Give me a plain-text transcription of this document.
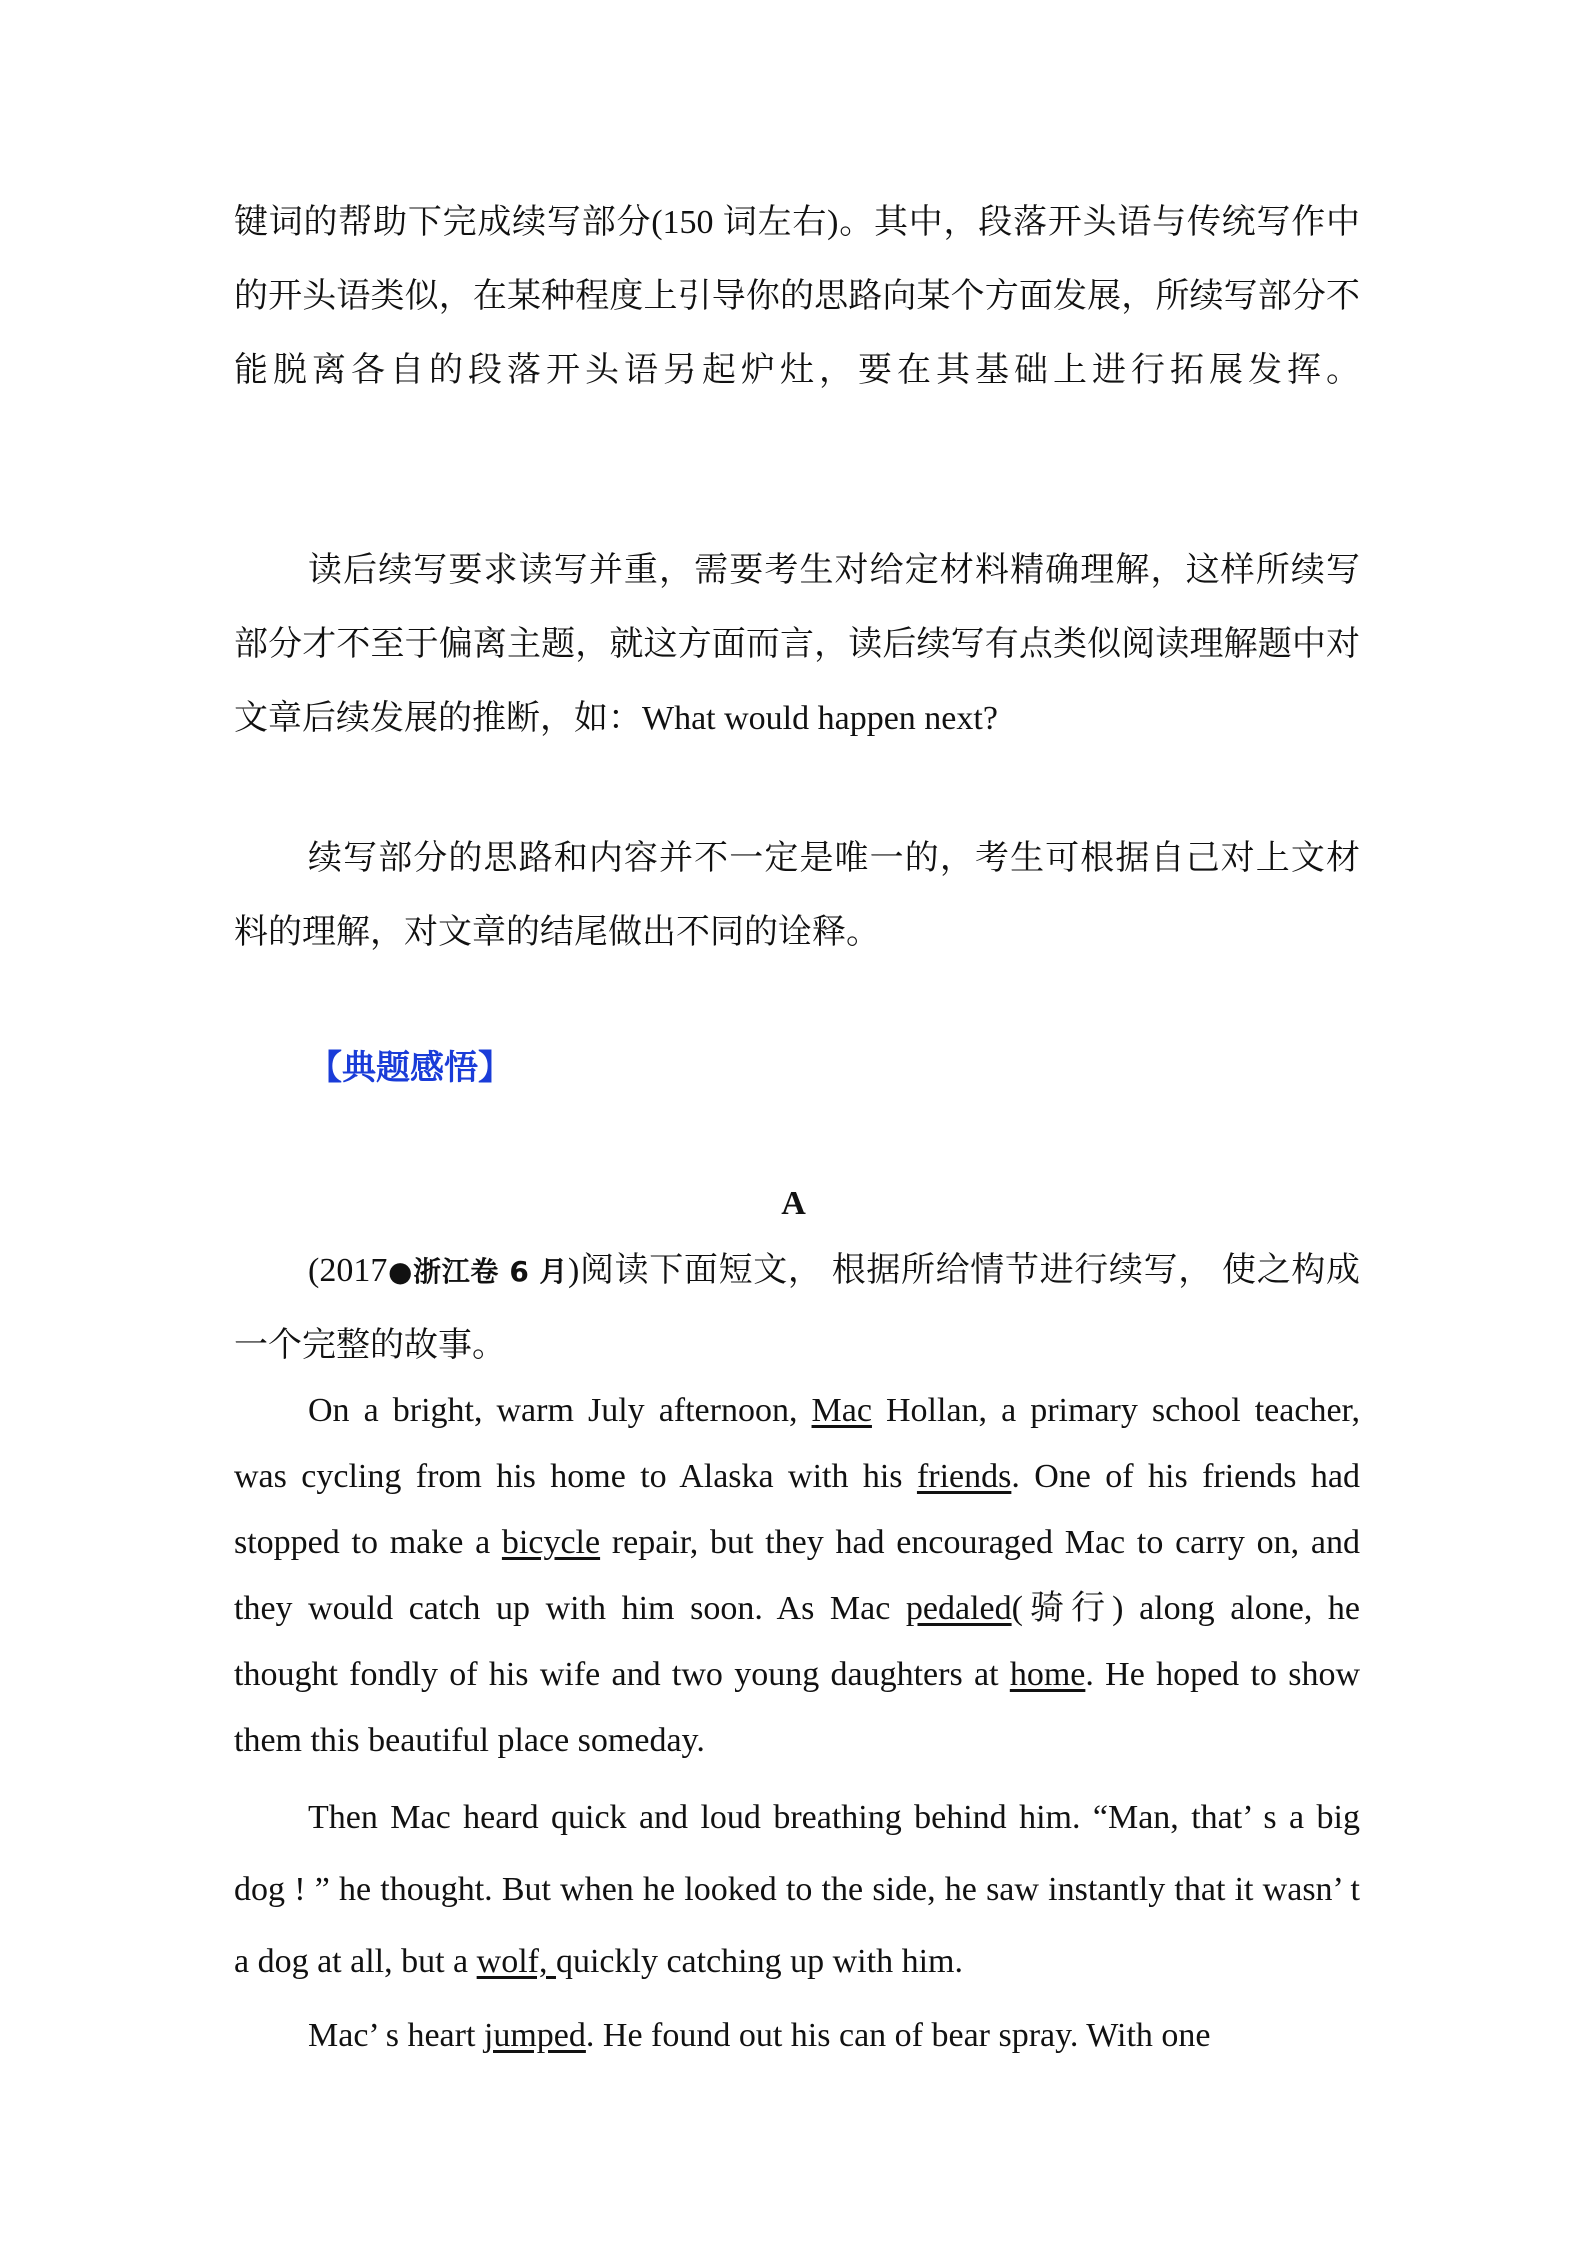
键词的帮助下完成续写部分(150 词左右)。其中，段落开头语与传统写作中的开头语类似，在某种程度上引导你的思路向某个方面发展，所续写部分不能脱离各自的段落开头语另起炉灶，要在其基础上进行拓展发挥。

读后续写要求读写并重，需要考生对给定材料精确理解，这样所续写部分才不至于偏离主题，就这方面而言，读后续写有点类似阅读理解题中对文章后续发展的推断，如：What would happen next?

续写部分的思路和内容并不一定是唯一的，考生可根据自己对上文材料的理解，对文章的结尾做出不同的诠释。

【典题感悟】

A

(2017●浙江卷 6 月)阅读下面短文， 根据所给情节进行续写， 使之构成一个完整的故事。

On a bright, warm July afternoon, Mac Hollan, a primary school teacher, was cycling from his home to Alaska with his friends. One of his friends had stopped to make a bicycle repair, but they had encouraged Mac to carry on, and they would catch up with him soon. As Mac pedaled(骑行) along alone, he thought fondly of his wife and two young daughters at home. He hoped to show them this beautiful place someday.

Then Mac heard quick and loud breathing behind him. “Man, that’ s a big dog ! ” he thought. But when he looked to the side, he saw instantly that it wasn’ t a dog at all, but a wolf, quickly catching up with him.

Mac’ s heart jumped. He found out his can of bear spray. With one
